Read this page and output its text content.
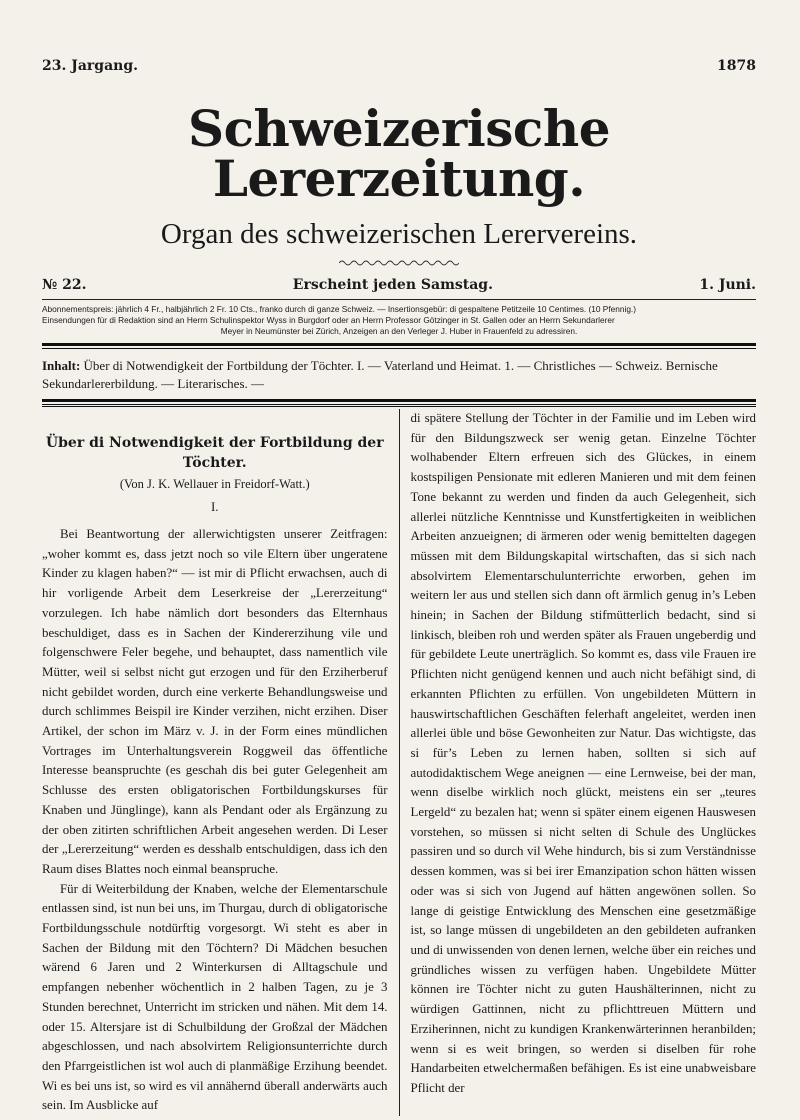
23. Jargang.	1878
Schweizerische Lererzeitung.
Organ des schweizerischen Lerervereins.
№ 22.	Erscheint jeden Samstag.	1. Juni.
Abonnementspreis: jährlich 4 Fr., halbjährlich 2 Fr. 10 Cts., franko durch di ganze Schweiz. — Insertionsgebür: di gespaltene Petitzeile 10 Centimes. (10 Pfennig.)
Einsendungen für di Redaktion sind an Herrn Schulinspektor Wyss in Burgdorf oder an Herrn Professor Götzinger in St. Gallen oder an Herrn Sekundarlerer
Meyer in Neumünster bei Zürich, Anzeigen an den Verleger J. Huber in Frauenfeld zu adressiren.
Inhalt: Über di Notwendigkeit der Fortbildung der Töchter. I. — Vaterland und Heimat. 1. — Christliches — Schweiz. Bernische Sekundarlererbildung. — Literarisches. —
Über di Notwendigkeit der Fortbildung der Töchter.
(Von J. K. Wellauer in Freidorf-Watt.)
I.

Bei Beantwortung der allerwichtigsten unserer Zeitfragen: „woher kommt es, dass jetzt noch so vile Eltern über ungeratene Kinder zu klagen haben?“ — ist mir di Pflicht erwachsen, auch di hir vorligende Arbeit dem Leserkreise der „Lererzeitung“ vorzulegen. Ich habe nämlich dort besonders das Elternhaus beschuldiget, dass es in Sachen der Kindererzihung vile und folgenschwere Feler begehe, und behauptet, dass namentlich vile Mütter, weil si selbst nicht gut erzogen und für den Erziherberuf nicht gebildet worden, durch eine verkerte Behandlungsweise und durch schlimmes Beispil ire Kinder verzihen, nicht erzihen. Diser Artikel, der schon im März v. J. in der Form eines mündlichen Vortrages im Unterhaltungsverein Roggweil das öffentliche Interesse beanspruchte (es geschah dis bei guter Gelegenheit am Schlusse des ersten obligatorischen Fortbildungskurses für Knaben und Jünglinge), kann als Pendant oder als Ergänzung zu der oben zitirten schriftlichen Arbeit angesehen werden. Di Leser der „Lererzeitung“ werden es desshalb entschuldigen, dass ich den Raum dises Blattes noch einmal beanspruche.

Für di Weiterbildung der Knaben, welche der Elementarschule entlassen sind, ist nun bei uns, im Thurgau, durch di obligatorische Fortbildungsschule notdürftig vorgesorgt. Wi steht es aber in Sachen der Bildung mit den Töchtern? Di Mädchen besuchen wärend 6 Jaren und 2 Winterkursen di Alltagschule und empfangen nebenher wöchentlich in 2 halben Tagen, zu je 3 Stunden berechnet, Unterricht im stricken und nähen. Mit dem 14. oder 15. Altersjare ist di Schulbildung der Großzal der Mädchen abgeschlossen, und nach absolvirtem Religionsunterrichte durch den Pfarrgeistlichen ist wol auch di planmäßige Erzihung beendet. Wi es bei uns ist, so wird es vil annähernd überall anderwärts auch sein. Im Ausblicke auf

di spätere Stellung der Töchter in der Familie und im Leben wird für den Bildungszweck ser wenig getan. Einzelne Töchter wolhabender Eltern erfreuen sich des Glückes, in einem kostspiligen Pensionate mit edleren Manieren und mit dem feinen Tone bekannt zu werden und finden da auch Gelegenheit, sich allerlei nützliche Kenntnisse und Kunstfertigkeiten in weiblichen Arbeiten anzueignen; di ärmeren oder wenig bemittelten dagegen müssen mit dem Bildungskapital wirtschaften, das si sich nach absolvirtem Elementarschulunterrichte erworben, gehen im weitern ler aus und stellen sich dann oft ärmlich genug in’s Leben hinein; in Sachen der Bildung stifmütterlich bedacht, sind si linkisch, bleiben roh und werden später als Frauen ungeberdig und für gebildete Leute unerträglich. So kommt es, dass vile Frauen ire Pflichten nicht genügend kennen und auch nicht befähigt sind, di erkannten Pflichten zu erfüllen. Von ungebildeten Müttern in hauswirtschaftlichen Geschäften felerhaft angeleitet, werden inen allerlei üble und böse Gewonheiten zur Natur. Das wichtigste, das si für’s Leben zu lernen haben, sollten si sich auf autodidaktischem Wege aneignen — eine Lernweise, bei der man, wenn diselbe wirklich noch glückt, meistens ein ser „teures Lergeld“ zu bezalen hat; wenn si später einem eigenen Hauswesen vorstehen, so müssen si nicht selten di Schule des Unglückes passiren und so durch vil Wehe hindurch, bis si zum Verständnisse dessen kommen, was si bei irer Emanzipation schon hätten wissen oder was si sich von Jugend auf hätten angewönen sollen. So lange di geistige Entwicklung des Menschen eine gesetzmäßige ist, so lange müssen di ungebildeten an den gebildeten aufranken und di unwissenden von denen lernen, welche über ein reiches und gründliches wissen zu verfügen haben. Ungebildete Mütter können ire Töchter nicht zu guten Haushälterinnen, nicht zu würdigen Gattinnen, nicht zu pflichttreuen Müttern und Erziherinnen, nicht zu kundigen Krankenwärterinnen heranbilden; wenn si es weit bringen, so werden si diselben für rohe Handarbeiten etwelchermaßen befähigen. Es ist eine unabweisbare Pflicht der
